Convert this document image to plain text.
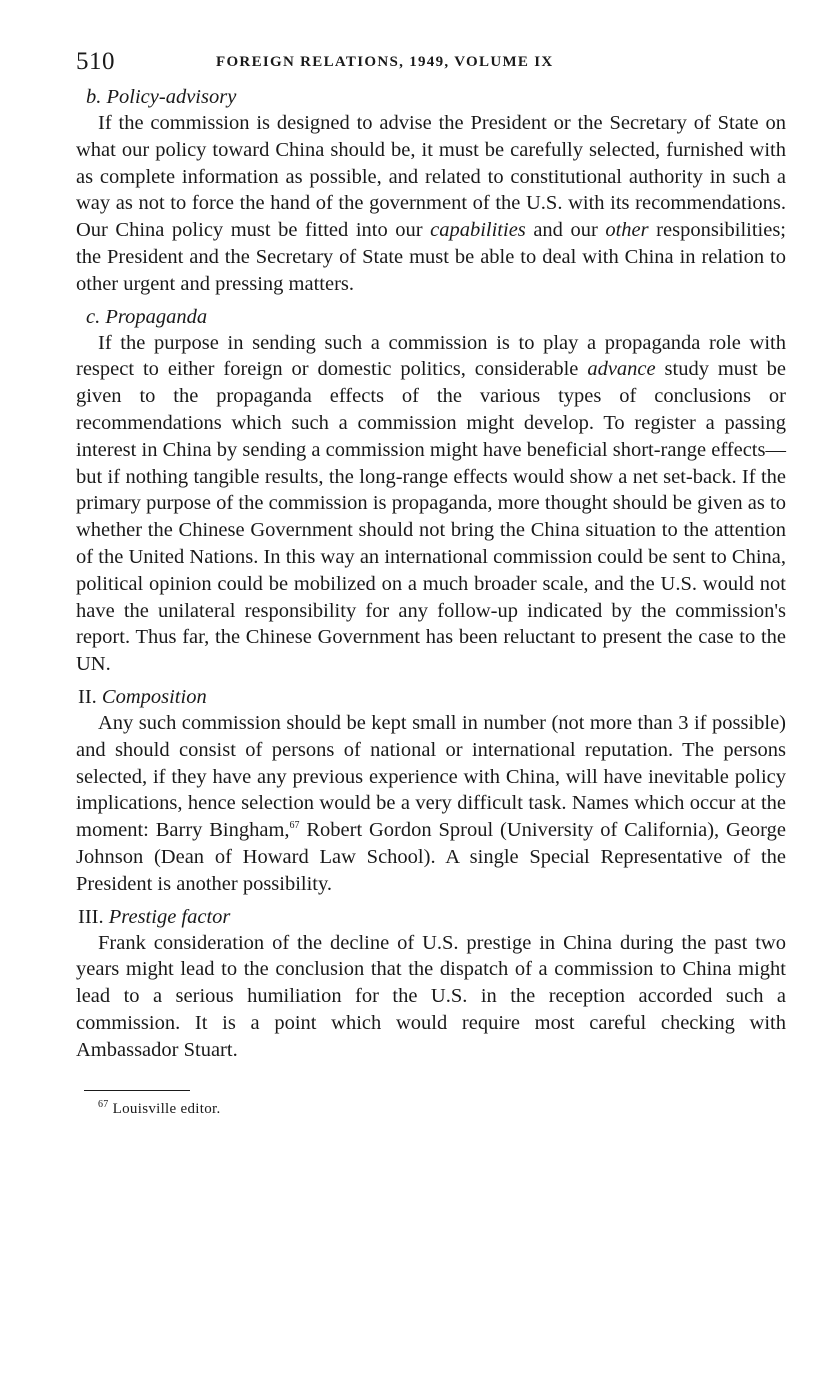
510	FOREIGN RELATIONS, 1949, VOLUME IX
b. Policy-advisory

If the commission is designed to advise the President or the Secretary of State on what our policy toward China should be, it must be carefully selected, furnished with as complete information as possible, and related to constitutional authority in such a way as not to force the hand of the government of the U.S. with its recommendations. Our China policy must be fitted into our capabilities and our other responsibilities; the President and the Secretary of State must be able to deal with China in relation to other urgent and pressing matters.

c. Propaganda

If the purpose in sending such a commission is to play a propaganda role with respect to either foreign or domestic politics, considerable advance study must be given to the propaganda effects of the various types of conclusions or recommendations which such a commission might develop. To register a passing interest in China by sending a commission might have beneficial short-range effects—but if nothing tangible results, the long-range effects would show a net set-back. If the primary purpose of the commission is propaganda, more thought should be given as to whether the Chinese Government should not bring the China situation to the attention of the United Nations. In this way an international commission could be sent to China, political opinion could be mobilized on a much broader scale, and the U.S. would not have the unilateral responsibility for any follow-up indicated by the commission's report. Thus far, the Chinese Government has been reluctant to present the case to the UN.

II. Composition

Any such commission should be kept small in number (not more than 3 if possible) and should consist of persons of national or international reputation. The persons selected, if they have any previous experience with China, will have inevitable policy implications, hence selection would be a very difficult task. Names which occur at the moment: Barry Bingham,$^{67}$ Robert Gordon Sproul (University of California), George Johnson (Dean of Howard Law School). A single Special Representative of the President is another possibility.

III. Prestige factor

Frank consideration of the decline of U.S. prestige in China during the past two years might lead to the conclusion that the dispatch of a commission to China might lead to a serious humiliation for the U.S. in the reception accorded such a commission. It is a point which would require most careful checking with Ambassador Stuart.

$^{67}$ Louisville editor.
